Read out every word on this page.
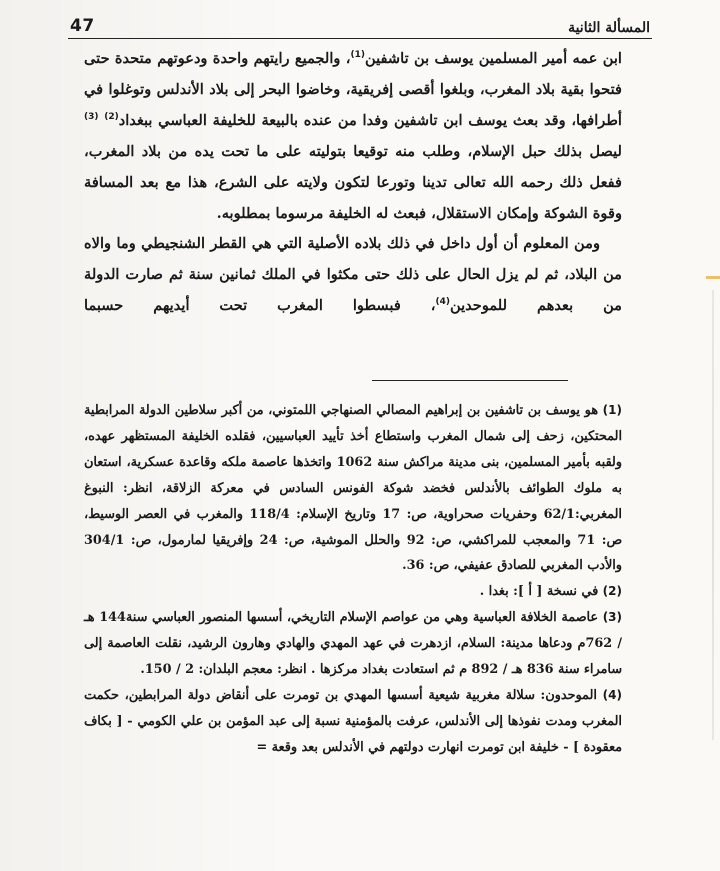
47	المسألة الثانية

ابن عمه أمير المسلمين يوسف بن تاشفين$^{(1)}$، والجميع رايتهم واحدة ودعوتهم متحدة حتى فتحوا بقية بلاد المغرب، وبلغوا أقصى إفريقية، وخاضوا البحر إلى بلاد الأندلس وتوغلوا في أطرافها، وقد بعث يوسف ابن تاشفين وفدا من عنده بالبيعة للخليفة العباسي ببغداد$^{(2)}$ $^{(3)}$ ليصل بذلك حبل الإسلام، وطلب منه توقيعا بتوليته على ما تحت يده من بلاد المغرب، ففعل ذلك رحمه الله تعالى تدينا وتورعا لتكون ولايته على الشرع، هذا مع بعد المسافة وقوة الشوكة وإمكان الاستقلال، فبعث له الخليفة مرسوما بمطلوبه.

ومن المعلوم أن أول داخل في ذلك بلاده الأصلية التي هي القطر الشنجيطي وما والاه من البلاد، ثم لم يزل الحال على ذلك حتى مكثوا في الملك ثمانين سنة ثم صارت الدولة من بعدهم للموحدين$^{(4)}$، فبسطوا المغرب تحت أيديهم حسبما

(1) هو يوسف بن تاشفين بن إبراهيم المصالي الصنهاجي اللمتوني، من أكبر سلاطين الدولة المرابطية المحتكين، زحف إلى شمال المغرب واستطاع أخذ تأييد العباسيين، فقلده الخليفة المستظهر عهده، ولقبه بأمير المسلمين، بنى مدينة مراكش سنة 1062 واتخذها عاصمة ملكه وقاعدة عسكرية، استعان به ملوك الطوائف بالأندلس فخضد شوكة الفونس السادس في معركة الزلاقة، انظر: النبوغ المغربي:62/1 وحفريات صحراوية، ص: 17 وتاريخ الإسلام: 118/4 والمغرب في العصر الوسيط، ص: 71 والمعجب للمراكشي، ص: 92 والحلل الموشية، ص: 24 وإفريقيا لمارمول، ص: 304/1 والأدب المغربي للصادق عفيفي، ص: 36.

(2) في نسخة [ أ ]: بغدا .

(3) عاصمة الخلافة العباسية وهي من عواصم الإسلام التاريخي، أسسها المنصور العباسي سنة144 هـ / 762م ودعاها مدينة: السلام، ازدهرت في عهد المهدي والهادي وهارون الرشيد، نقلت العاصمة إلى سامراء سنة 836 هـ / 892 م ثم استعادت بغداد مركزها . انظر: معجم البلدان: 2 / 150.

(4) الموحدون: سلالة مغربية شيعية أسسها المهدي بن تومرت على أنقاض دولة المرابطين، حكمت المغرب ومدت نفوذها إلى الأندلس، عرفت بالمؤمنية نسبة إلى عبد المؤمن بن علي الكومي - [ بكاف معقودة ] - خليفة ابن تومرت انهارت دولتهم في الأندلس بعد وقعة =
